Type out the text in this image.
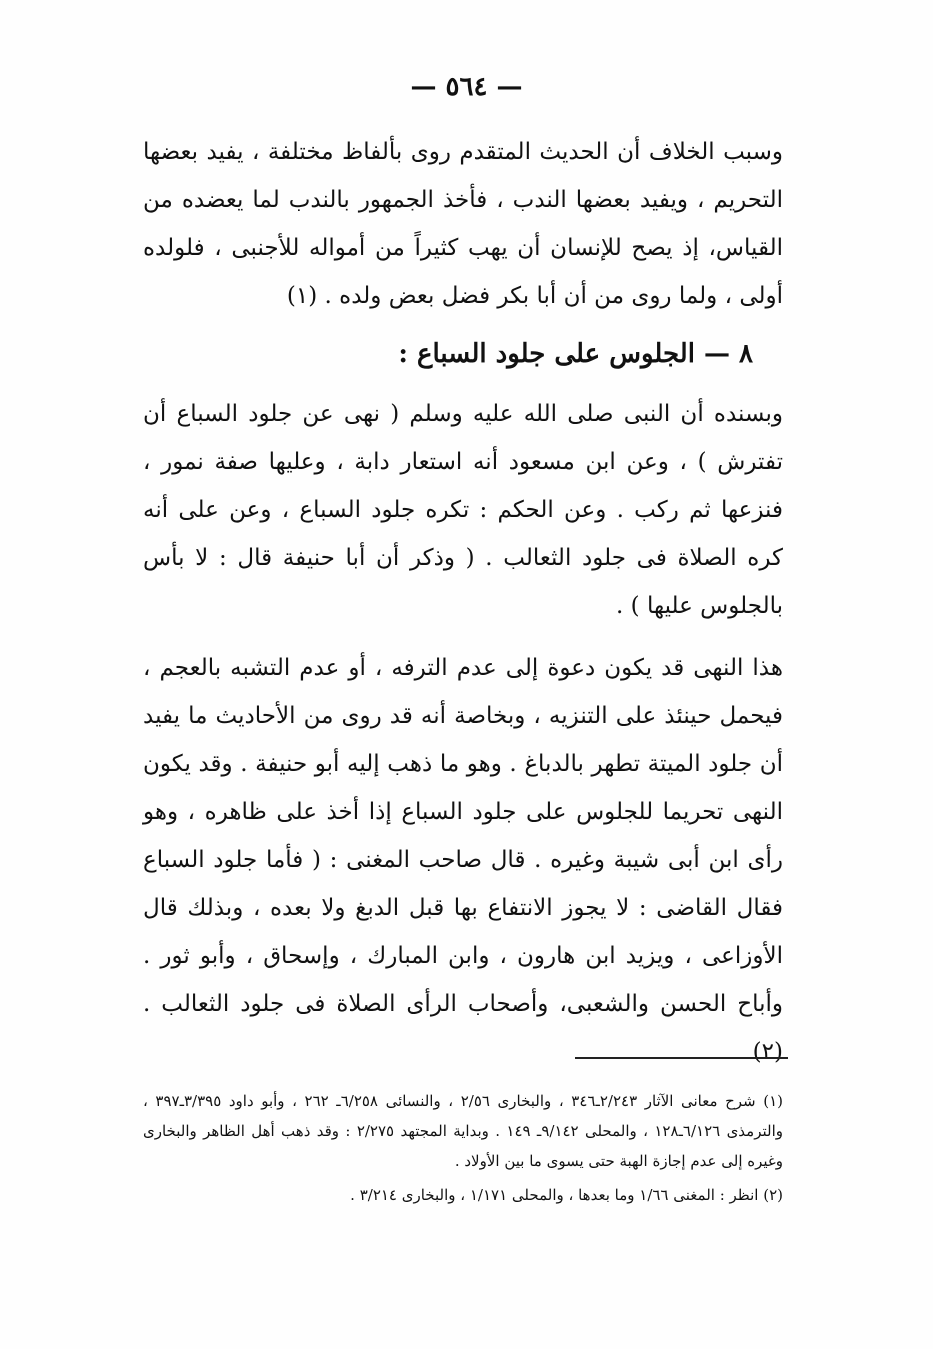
— ٥٦٤ —

وسبب الخلاف أن الحديث المتقدم روى بألفاظ مختلفة ، يفيد بعضها التحريم ، ويفيد بعضها الندب ، فأخذ الجمهور بالندب لما يعضده من القياس، إذ يصح للإنسان أن يهب كثيراً من أمواله للأجنبى ، فلولده أولى ، ولما روى من أن أبا بكر فضل بعض ولده . (١)

٨ — الجلوس على جلود السباع :

وبسنده أن النبى صلى الله عليه وسلم ( نهى عن جلود السباع أن تفترش ) ، وعن ابن مسعود أنه استعار دابة ، وعليها صفة نمور ، فنزعها ثم ركب . وعن الحكم : تكره جلود السباع ، وعن على أنه كره الصلاة فى جلود الثعالب . ( وذكر أن أبا حنيفة قال : لا بأس بالجلوس عليها ) .

هذا النهى قد يكون دعوة إلى عدم الترفه ، أو عدم التشبه بالعجم ، فيحمل حينئذ على التنزيه ، وبخاصة أنه قد روى من الأحاديث ما يفيد أن جلود الميتة تطهر بالدباغ . وهو ما ذهب إليه أبو حنيفة . وقد يكون النهى تحريما للجلوس على جلود السباع إذا أخذ على ظاهره ، وهو رأى ابن أبى شيبة وغيره . قال صاحب المغنى : ( فأما جلود السباع فقال القاضى : لا يجوز الانتفاع بها قبل الدبغ ولا بعده ، وبذلك قال الأوزاعى ، ويزيد ابن هارون ، وابن المبارك ، وإسحاق ، وأبو ثور . وأباح الحسن والشعبى، وأصحاب الرأى الصلاة فى جلود الثعالب . (٢)

(١) شرح معانى الآثار ٢/٢٤٣ـ٣٤٦ ، والبخارى ٢/٥٦ ، والنسائى ٦/٢٥٨ـ ٢٦٢ ، وأبو داود ٣/٣٩٥ـ٣٩٧ ، والترمذى ٦/١٢٦ـ١٢٨ ، والمحلى ٩/١٤٢ـ ١٤٩ . وبداية المجتهد ٢/٢٧٥ : وقد ذهب أهل الظاهر والبخارى وغيره إلى عدم إجازة الهبة حتى يسوى ما بين الأولاد .

(٢) انظر : المغنى ١/٦٦ وما بعدها ، والمحلى ١/١٧١ ، والبخارى ٣/٢١٤ .
